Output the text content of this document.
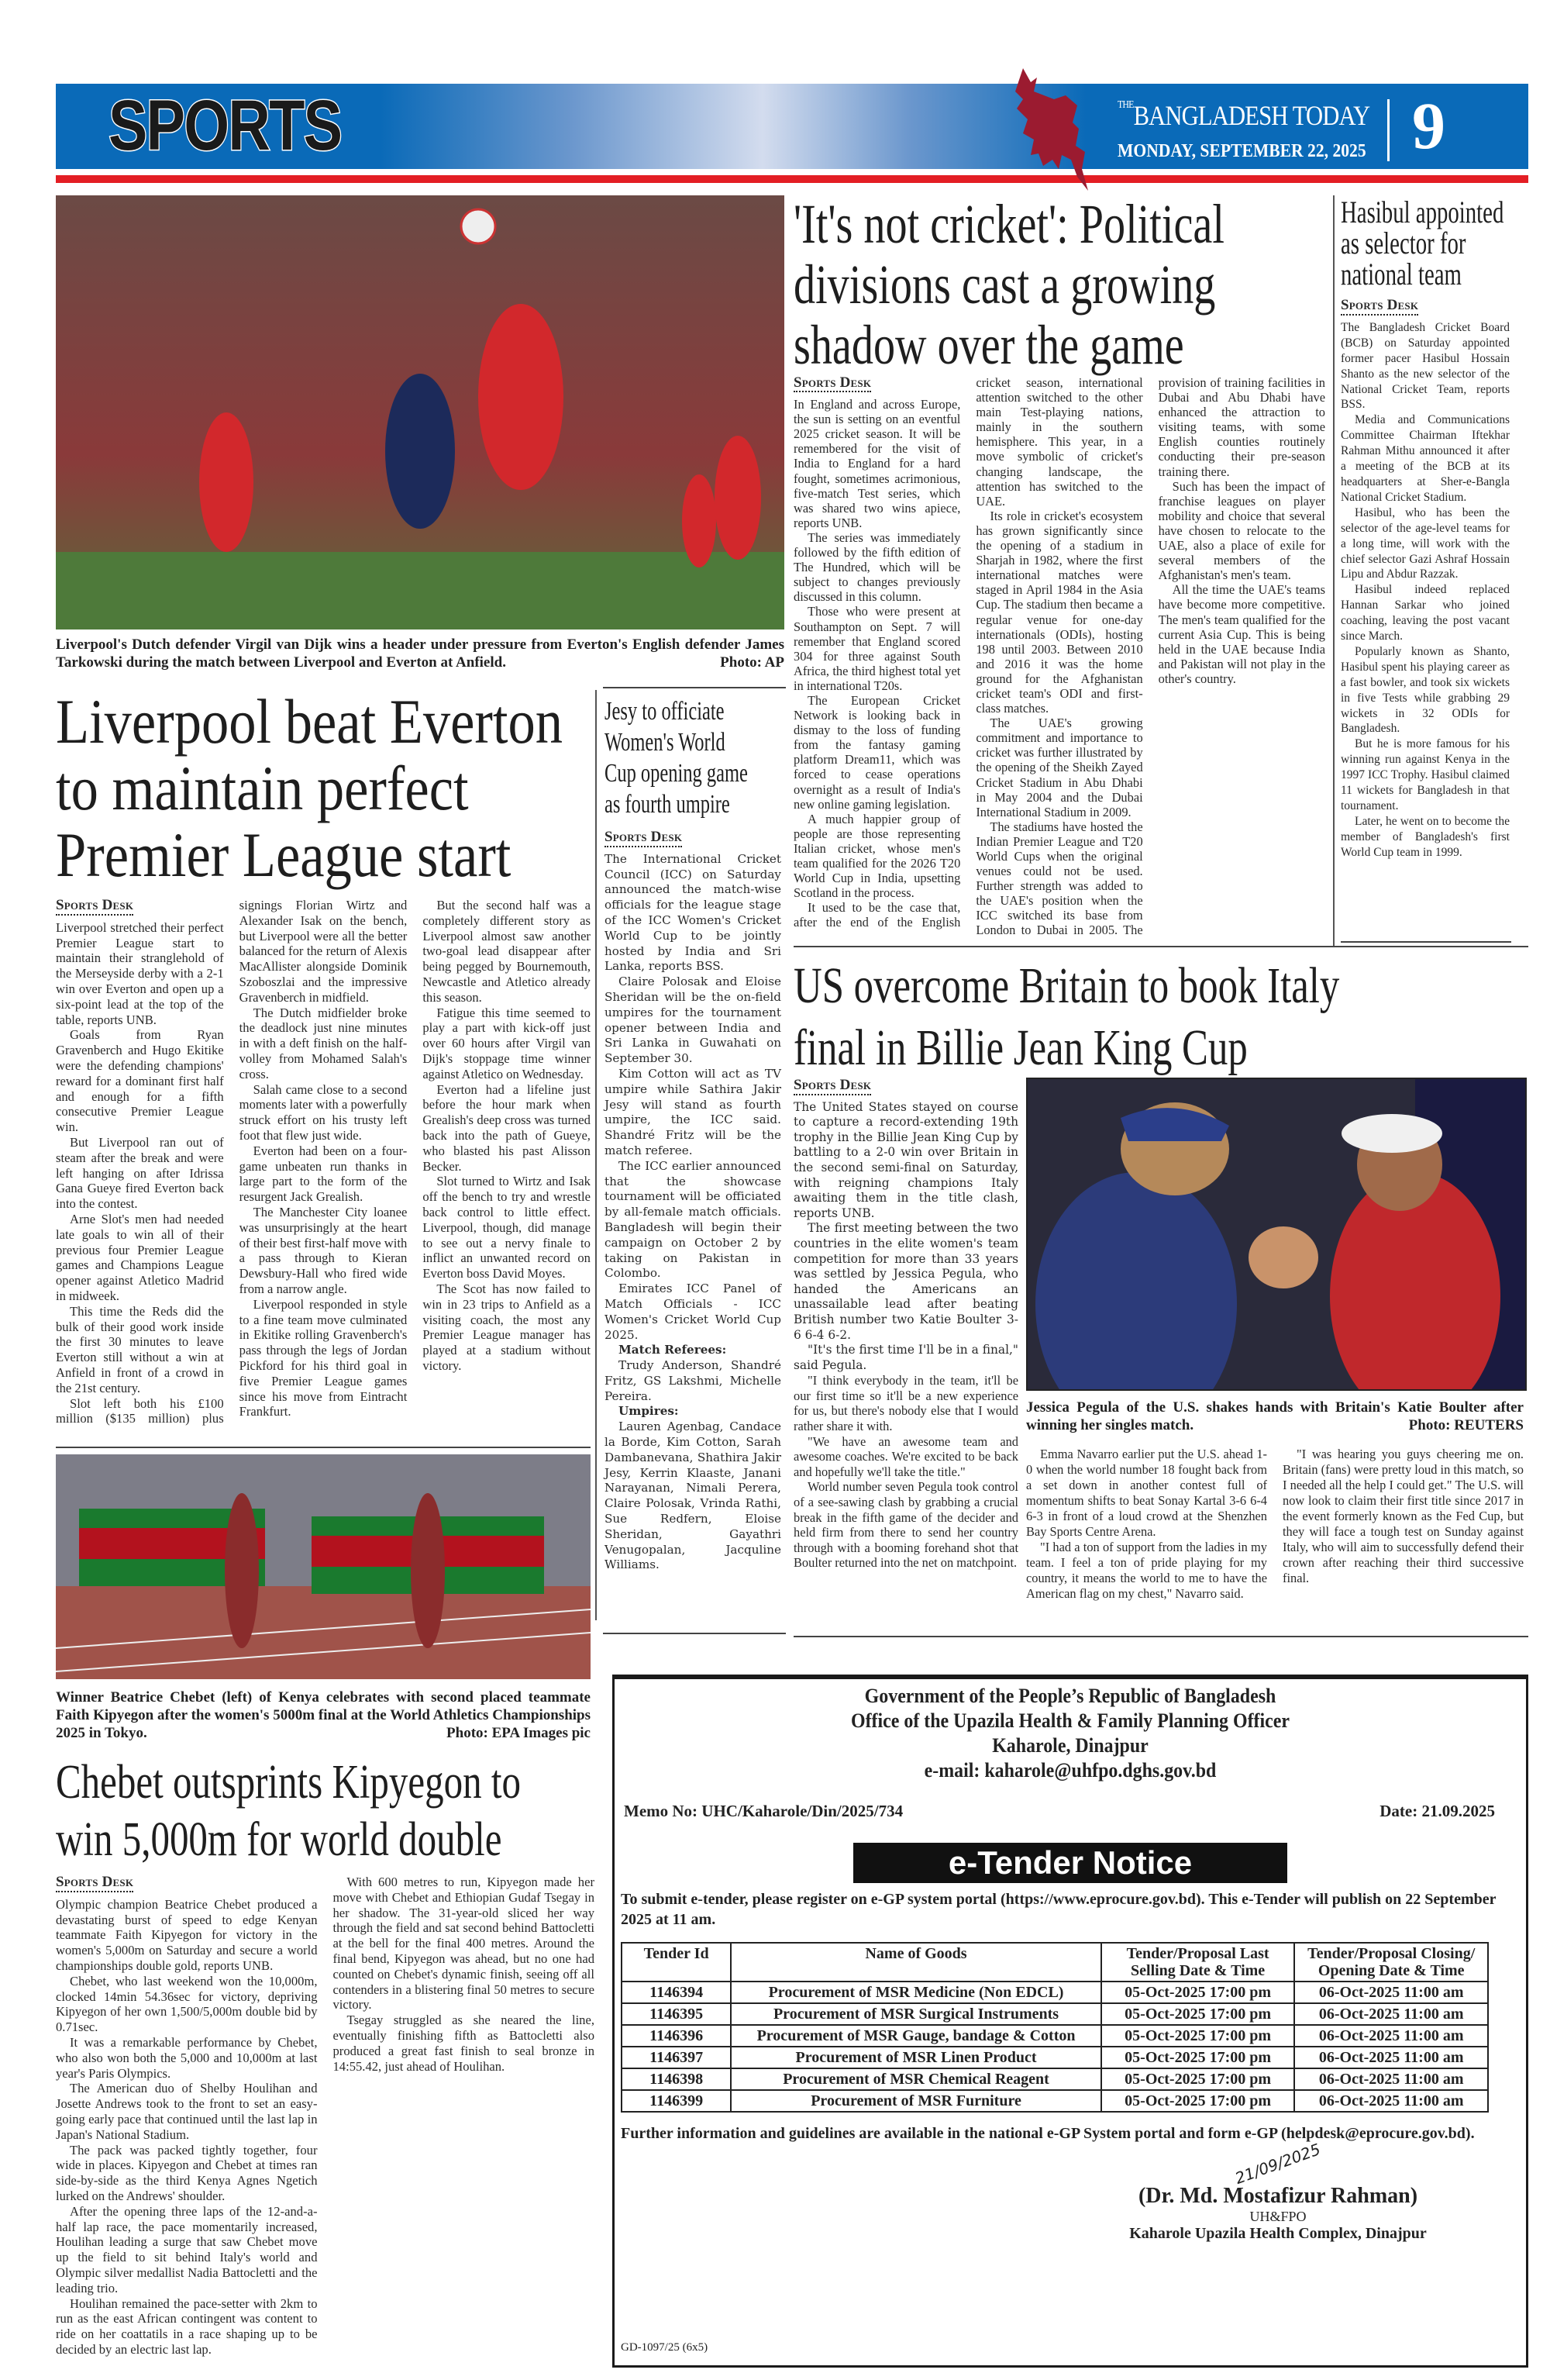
SPORTS	$^{THE}$BANGLADESH TODAY
MONDAY, SEPTEMBER 22, 2025 9
Liverpool's Dutch defender Virgil van Dijk wins a header under pressure from Everton's English defender James Tarkowski during the match between Liverpool and Everton at Anfield.	Photo: AP
Liverpool beat Everton
to maintain perfect
Premier League start
Sports Desk

Liverpool stretched their perfect Premier League start to maintain their stranglehold of the Merseyside derby with a 2-1 win over Everton and open up a six-point lead at the top of the table, reports UNB.

Goals from Ryan Gravenberch and Hugo Ekitike were the defending champions' reward for a dominant first half and enough for a fifth consecutive Premier League win.

But Liverpool ran out of steam after the break and were left hanging on after Idrissa Gana Gueye fired Everton back into the contest.

Arne Slot's men had needed late goals to win all of their previous four Premier League games and Champions League opener against Atletico Madrid in midweek.

This time the Reds did the bulk of their good work inside the first 30 minutes to leave Everton still without a win at Anfield in front of a crowd in the 21st century.

Slot left both his £100 million ($135 million) plus signings Florian Wirtz and Alexander Isak on the bench, but Liverpool were all the better balanced for the return of Alexis MacAllister alongside Dominik Szoboszlai and the impressive Gravenberch in midfield.

The Dutch midfielder broke the deadlock just nine minutes in with a deft finish on the half-volley from Mohamed Salah's cross.

Salah came close to a second moments later with a powerfully struck effort on his trusty left foot that flew just wide.

Everton had been on a four-game unbeaten run thanks in large part to the form of the resurgent Jack Grealish.

The Manchester City loanee was unsurprisingly at the heart of their best first-half move with a pass through to Kieran Dewsbury-Hall who fired wide from a narrow angle.

Liverpool responded in style to a fine team move culminated in Ekitike rolling Gravenberch's pass through the legs of Jordan Pickford for his third goal in five Premier League games since his move from Eintracht Frankfurt.

But the second half was a completely different story as Liverpool almost saw another two-goal lead disappear after being pegged by Bournemouth, Newcastle and Atletico already this season.

Fatigue this time seemed to play a part with kick-off just over 60 hours after Virgil van Dijk's stoppage time winner against Atletico on Wednesday.

Everton had a lifeline just before the hour mark when Grealish's deep cross was turned back into the path of Gueye, who blasted his past Alisson Becker.

Slot turned to Wirtz and Isak off the bench to try and wrestle back control to little effect. Liverpool, though, did manage to see out a nervy finale to inflict an unwanted record on Everton boss David Moyes.

The Scot has now failed to win in 23 trips to Anfield as a visiting coach, the most any Premier League manager has played at a stadium without victory.

Jesy to officiate
Women's World
Cup opening game
as fourth umpire
Sports Desk

The International Cricket Council (ICC) on Saturday announced the match-wise officials for the league stage of the ICC Women's Cricket World Cup to be jointly hosted by India and Sri Lanka, reports BSS.

Claire Polosak and Eloise Sheridan will be the on-field umpires for the tournament opener between India and Sri Lanka in Guwahati on September 30.

Kim Cotton will act as TV umpire while Sathira Jakir Jesy will stand as fourth umpire, the ICC said. Shandré Fritz will be the match referee.

The ICC earlier announced that the showcase tournament will be officiated by all-female match officials. Bangladesh will begin their campaign on October 2 by taking on Pakistan in Colombo.

Emirates ICC Panel of Match Officials - ICC Women's Cricket World Cup 2025.

Match Referees:

Trudy Anderson, Shandré Fritz, GS Lakshmi, Michelle Pereira.

Umpires:

Lauren Agenbag, Candace la Borde, Kim Cotton, Sarah Dambanevana, Shathira Jakir Jesy, Kerrin Klaaste, Janani Narayanan, Nimali Perera, Claire Polosak, Vrinda Rathi, Sue Redfern, Eloise Sheridan, Gayathri Venugopalan, Jacquline Williams.

Winner Beatrice Chebet (left) of Kenya celebrates with second placed teammate Faith Kipyegon after the women's 5000m final at the World Athletics Championships 2025 in Tokyo.	Photo: EPA Images pic
Chebet outsprints Kipyegon to
win 5,000m for world double
Sports Desk

Olympic champion Beatrice Chebet produced a devastating burst of speed to edge Kenyan teammate Faith Kipyegon for victory in the women's 5,000m on Saturday and secure a world championships double gold, reports UNB.

Chebet, who last weekend won the 10,000m, clocked 14min 54.36sec for victory, depriving Kipyegon of her own 1,500/5,000m double bid by 0.71sec.

It was a remarkable performance by Chebet, who also won both the 5,000 and 10,000m at last year's Paris Olympics.

The American duo of Shelby Houlihan and Josette Andrews took to the front to set an easy-going early pace that continued until the last lap in Japan's National Stadium.

The pack was packed tightly together, four wide in places. Kipyegon and Chebet at times ran side-by-side as the third Kenya Agnes Ngetich lurked on the Andrews' shoulder.

After the opening three laps of the 12-and-a-half lap race, the pace momentarily increased, Houlihan leading a surge that saw Chebet move up the field to sit behind Italy's world and Olympic silver medallist Nadia Battocletti and the leading trio.

Houlihan remained the pace-setter with 2km to run as the east African contingent was content to ride on her coattatils in a race shaping up to be decided by an electric last lap.

With 600 metres to run, Kipyegon made her move with Chebet and Ethiopian Gudaf Tsegay in her shadow. The 31-year-old sliced her way through the field and sat second behind Battocletti at the bell for the final 400 metres. Around the final bend, Kipyegon was ahead, but no one had counted on Chebet's dynamic finish, seeing off all contenders in a blistering final 50 metres to secure victory.

Tsegay struggled as she neared the line, eventually finishing fifth as Battocletti also produced a great fast finish to seal bronze in 14:55.42, just ahead of Houlihan.

'It's not cricket': Political
divisions cast a growing
shadow over the game
Sports Desk

In England and across Europe, the sun is setting on an eventful 2025 cricket season. It will be remembered for the visit of India to England for a hard fought, sometimes acrimonious, five-match Test series, which was shared two wins apiece, reports UNB.

The series was immediately followed by the fifth edition of The Hundred, which will be subject to changes previously discussed in this column.

Those who were present at Southampton on Sept. 7 will remember that England scored 304 for three against South Africa, the third highest total yet in international T20s.

The European Cricket Network is looking back in dismay to the loss of funding from the fantasy gaming platform Dream11, which was forced to cease operations overnight as a result of India's new online gaming legislation.

A much happier group of people are those representing Italian cricket, whose men's team qualified for the 2026 T20 World Cup in India, upsetting Scotland in the process.

It used to be the case that, after the end of the English cricket season, international attention switched to the other main Test-playing nations, mainly in the southern hemisphere. This year, in a move symbolic of cricket's changing landscape, the attention has switched to the UAE.

Its role in cricket's ecosystem has grown significantly since the opening of a stadium in Sharjah in 1982, where the first international matches were staged in April 1984 in the Asia Cup. The stadium then became a regular venue for one-day internationals (ODIs), hosting 198 until 2003. Between 2010 and 2016 it was the home ground for the Afghanistan cricket team's ODI and first-class matches.

The UAE's growing commitment and importance to cricket was further illustrated by the opening of the Sheikh Zayed Cricket Stadium in Abu Dhabi in May 2004 and the Dubai International Stadium in 2009.

The stadiums have hosted the Indian Premier League and T20 World Cups when the original venues could not be used. Further strength was added to the UAE's position when the ICC switched its base from London to Dubai in 2005. The provision of training facilities in Dubai and Abu Dhabi have enhanced the attraction to visiting teams, with some English counties routinely conducting their pre-season training there.

Such has been the impact of franchise leagues on player mobility and choice that several have chosen to relocate to the UAE, also a place of exile for several members of the Afghanistan's men's team.

All the time the UAE's teams have become more competitive. The men's team qualified for the current Asia Cup. This is being held in the UAE because India and Pakistan will not play in the other's country.

Hasibul appointed
as selector for
national team
Sports Desk

The Bangladesh Cricket Board (BCB) on Saturday appointed former pacer Hasibul Hossain Shanto as the new selector of the National Cricket Team, reports BSS.

Media and Communications Committee Chairman Iftekhar Rahman Mithu announced it after a meeting of the BCB at its headquarters at Sher-e-Bangla National Cricket Stadium.

Hasibul, who has been the selector of the age-level teams for a long time, will work with the chief selector Gazi Ashraf Hossain Lipu and Abdur Razzak.

Hasibul indeed replaced Hannan Sarkar who joined coaching, leaving the post vacant since March.

Popularly known as Shanto, Hasibul spent his playing career as a fast bowler, and took six wickets in five Tests while grabbing 29 wickets in 32 ODIs for Bangladesh.

But he is more famous for his winning run against Kenya in the 1997 ICC Trophy. Hasibul claimed 11 wickets for Bangladesh in that tournament.

Later, he went on to become the member of Bangladesh's first World Cup team in 1999.

US overcome Britain to book Italy
final in Billie Jean King Cup
Sports Desk

The United States stayed on course to capture a record-extending 19th trophy in the Billie Jean King Cup by battling to a 2-0 win over Britain in the second semi-final on Saturday, with reigning champions Italy awaiting them in the title clash, reports UNB.

The first meeting between the two countries in the elite women's team competition for more than 33 years was settled by Jessica Pegula, who handed the Americans an unassailable lead after beating British number two Katie Boulter 3-6 6-4 6-2.

"It's the first time I'll be in a final," said Pegula.

"I think everybody in the team, it'll be our first time so it'll be a new experience for us, but there's nobody else that I would rather share it with.

"We have an awesome team and awesome coaches. We're excited to be back and hopefully we'll take the title."

World number seven Pegula took control of a see-sawing clash by grabbing a crucial break in the fifth game of the decider and held firm from there to send her country through with a booming forehand shot that Boulter returned into the net on matchpoint.

Jessica Pegula of the U.S. shakes hands with Britain's Katie Boulter after winning her singles match.	Photo: REUTERS

Emma Navarro earlier put the U.S. ahead 1-0 when the world number 18 fought back from a set down in another contest full of momentum shifts to beat Sonay Kartal 3-6 6-4 6-3 in front of a loud crowd at the Shenzhen Bay Sports Centre Arena.

"I had a ton of support from the ladies in my team. I feel a ton of pride playing for my country, it means the world to me to have the American flag on my chest," Navarro said.

"I was hearing you guys cheering me on. Britain (fans) were pretty loud in this match, so I needed all the help I could get." The U.S. will now look to claim their first title since 2017 in the event formerly known as the Fed Cup, but they will face a tough test on Sunday against Italy, who will aim to successfully defend their crown after reaching their third successive final.

Government of the People’s Republic of Bangladesh
Office of the Upazila Health & Family Planning Officer
Kaharole, Dinajpur
e-mail: kaharole@uhfpo.dghs.gov.bd
Memo No: UHC/Kaharole/Din/2025/734	Date: 21.09.2025
e-Tender Notice
To submit e-tender, please register on e-GP system portal (https://www.eprocure.gov.bd). This e-Tender will publish on 22 September 2025 at 11 am.
Tender Id	Name of Goods	Tender/Proposal Last Selling Date & Time	Tender/Proposal Closing/ Opening Date & Time
1146394	Procurement of MSR Medicine (Non EDCL)	05-Oct-2025 17:00 pm	06-Oct-2025 11:00 am
1146395	Procurement of MSR Surgical Instruments	05-Oct-2025 17:00 pm	06-Oct-2025 11:00 am
1146396	Procurement of MSR Gauge, bandage & Cotton	05-Oct-2025 17:00 pm	06-Oct-2025 11:00 am
1146397	Procurement of MSR Linen Product	05-Oct-2025 17:00 pm	06-Oct-2025 11:00 am
1146398	Procurement of MSR Chemical Reagent	05-Oct-2025 17:00 pm	06-Oct-2025 11:00 am
1146399	Procurement of MSR Furniture	05-Oct-2025 17:00 pm	06-Oct-2025 11:00 am
Further information and guidelines are available in the national e-GP System portal and form e-GP (helpdesk@eprocure.gov.bd).
21/09/2025
(Dr. Md. Mostafizur Rahman)
UH&FPO
Kaharole Upazila Health Complex, Dinajpur
GD-1097/25 (6x5)
